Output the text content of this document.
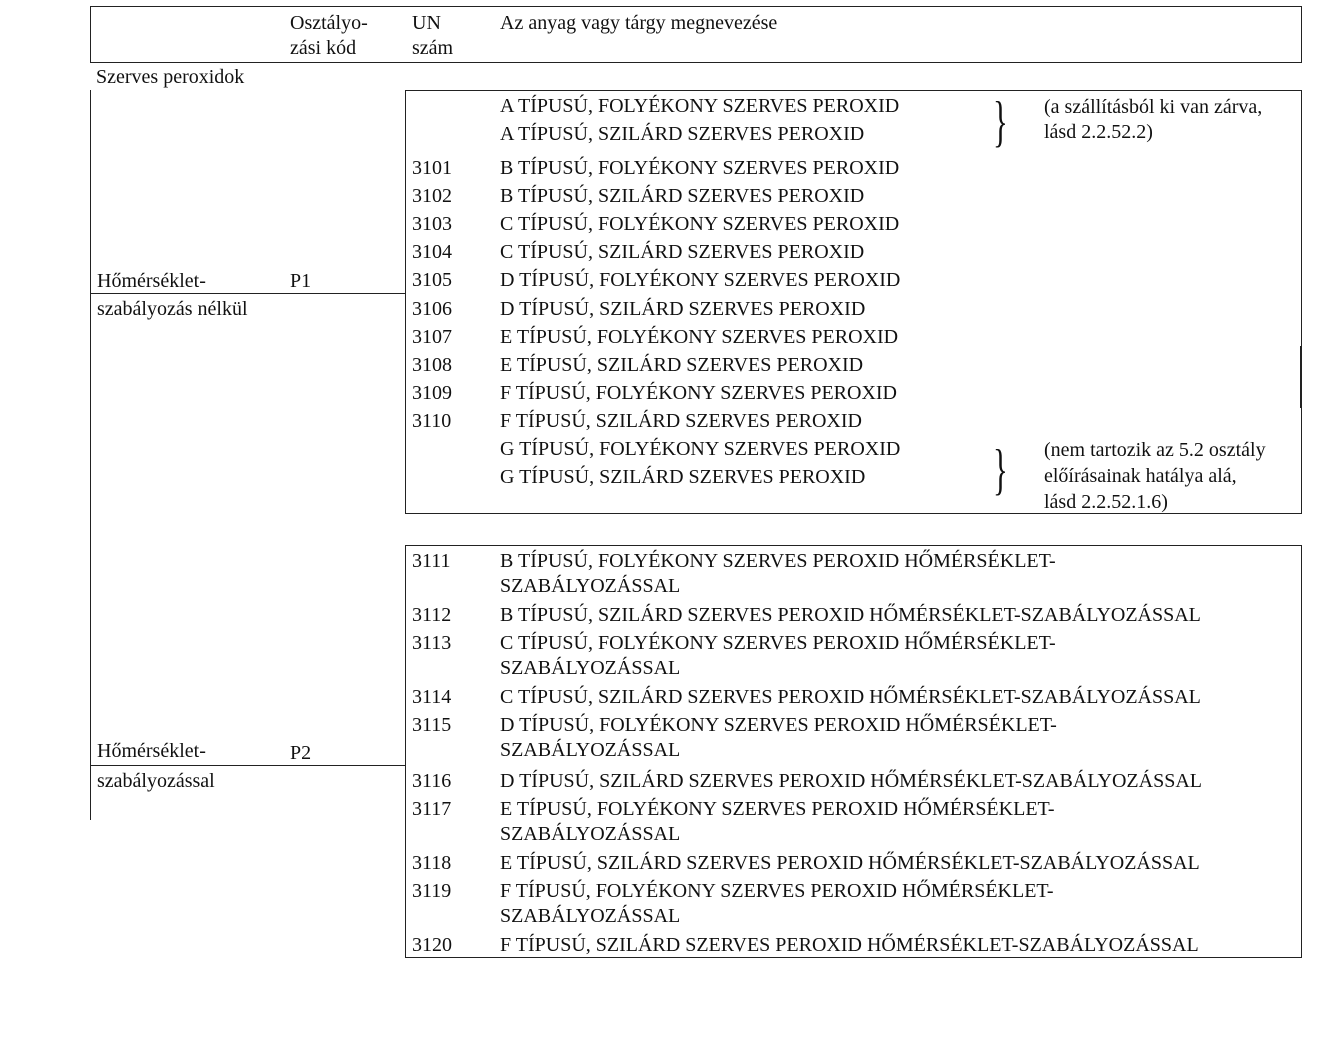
Osztályo-
zási kód
UN
szám
Az anyag vagy tárgy megnevezése
Szerves peroxidok
Hőmérséklet-	P1
szabályozás nélkül
Hőmérséklet-	P2
szabályozással
A TÍPUSÚ, FOLYÉKONY SZERVES PEROXID
A TÍPUSÚ, SZILÁRD SZERVES PEROXID
3101 B TÍPUSÚ, FOLYÉKONY SZERVES PEROXID
3102 B TÍPUSÚ, SZILÁRD SZERVES PEROXID
3103 C TÍPUSÚ, FOLYÉKONY SZERVES PEROXID
3104 C TÍPUSÚ, SZILÁRD SZERVES PEROXID
3105 D TÍPUSÚ, FOLYÉKONY SZERVES PEROXID
3106 D TÍPUSÚ, SZILÁRD SZERVES PEROXID
3107 E TÍPUSÚ, FOLYÉKONY SZERVES PEROXID
3108 E TÍPUSÚ, SZILÁRD SZERVES PEROXID
3109 F TÍPUSÚ, FOLYÉKONY SZERVES PEROXID
3110 F TÍPUSÚ, SZILÁRD SZERVES PEROXID
G TÍPUSÚ, FOLYÉKONY SZERVES PEROXID
G TÍPUSÚ, SZILÁRD SZERVES PEROXID
} (a szállításból ki van zárva,
lásd 2.2.52.2)
} (nem tartozik az 5.2 osztály
előírásainak hatálya alá,
lásd 2.2.52.1.6)
3111 B TÍPUSÚ, FOLYÉKONY SZERVES PEROXID HŐMÉRSÉKLET-
SZABÁLYOZÁSSAL
3112 B TÍPUSÚ, SZILÁRD SZERVES PEROXID HŐMÉRSÉKLET-SZABÁLYOZÁSSAL
3113 C TÍPUSÚ, FOLYÉKONY SZERVES PEROXID HŐMÉRSÉKLET-
SZABÁLYOZÁSSAL
3114 C TÍPUSÚ, SZILÁRD SZERVES PEROXID HŐMÉRSÉKLET-SZABÁLYOZÁSSAL
3115 D TÍPUSÚ, FOLYÉKONY SZERVES PEROXID HŐMÉRSÉKLET-
SZABÁLYOZÁSSAL
3116 D TÍPUSÚ, SZILÁRD SZERVES PEROXID HŐMÉRSÉKLET-SZABÁLYOZÁSSAL
3117 E TÍPUSÚ, FOLYÉKONY SZERVES PEROXID HŐMÉRSÉKLET-
SZABÁLYOZÁSSAL
3118 E TÍPUSÚ, SZILÁRD SZERVES PEROXID HŐMÉRSÉKLET-SZABÁLYOZÁSSAL
3119 F TÍPUSÚ, FOLYÉKONY SZERVES PEROXID HŐMÉRSÉKLET-
SZABÁLYOZÁSSAL
3120 F TÍPUSÚ, SZILÁRD SZERVES PEROXID HŐMÉRSÉKLET-SZABÁLYOZÁSSAL
